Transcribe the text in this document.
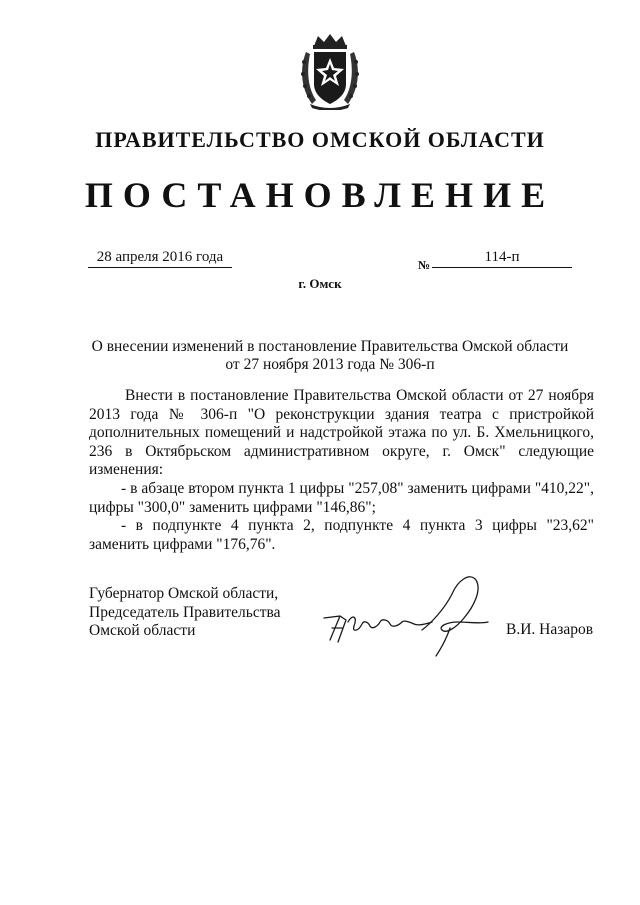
ПРАВИТЕЛЬСТВО ОМСКОЙ ОБЛАСТИ
ПОСТАНОВЛЕНИЕ
28 апреля 2016 года	№	114-п
г. Омск
О внесении изменений в постановление Правительства Омской области
от 27 ноября 2013 года № 306-п

Внести в постановление Правительства Омской области от 27 ноября 2013 года № 306-п "О реконструкции здания театра с пристройкой дополнительных помещений и надстройкой этажа по ул. Б. Хмельницкого, 236 в Октябрьском административном округе, г. Омск" следующие изменения:

- в абзаце втором пункта 1 цифры "257,08" заменить цифрами "410,22", цифры "300,0" заменить цифрами "146,86";

- в подпункте 4 пункта 2, подпункте 4 пункта 3 цифры "23,62" заменить цифрами "176,76".

Губернатор Омской области,
Председатель Правительства
Омской области	В.И. Назаров
